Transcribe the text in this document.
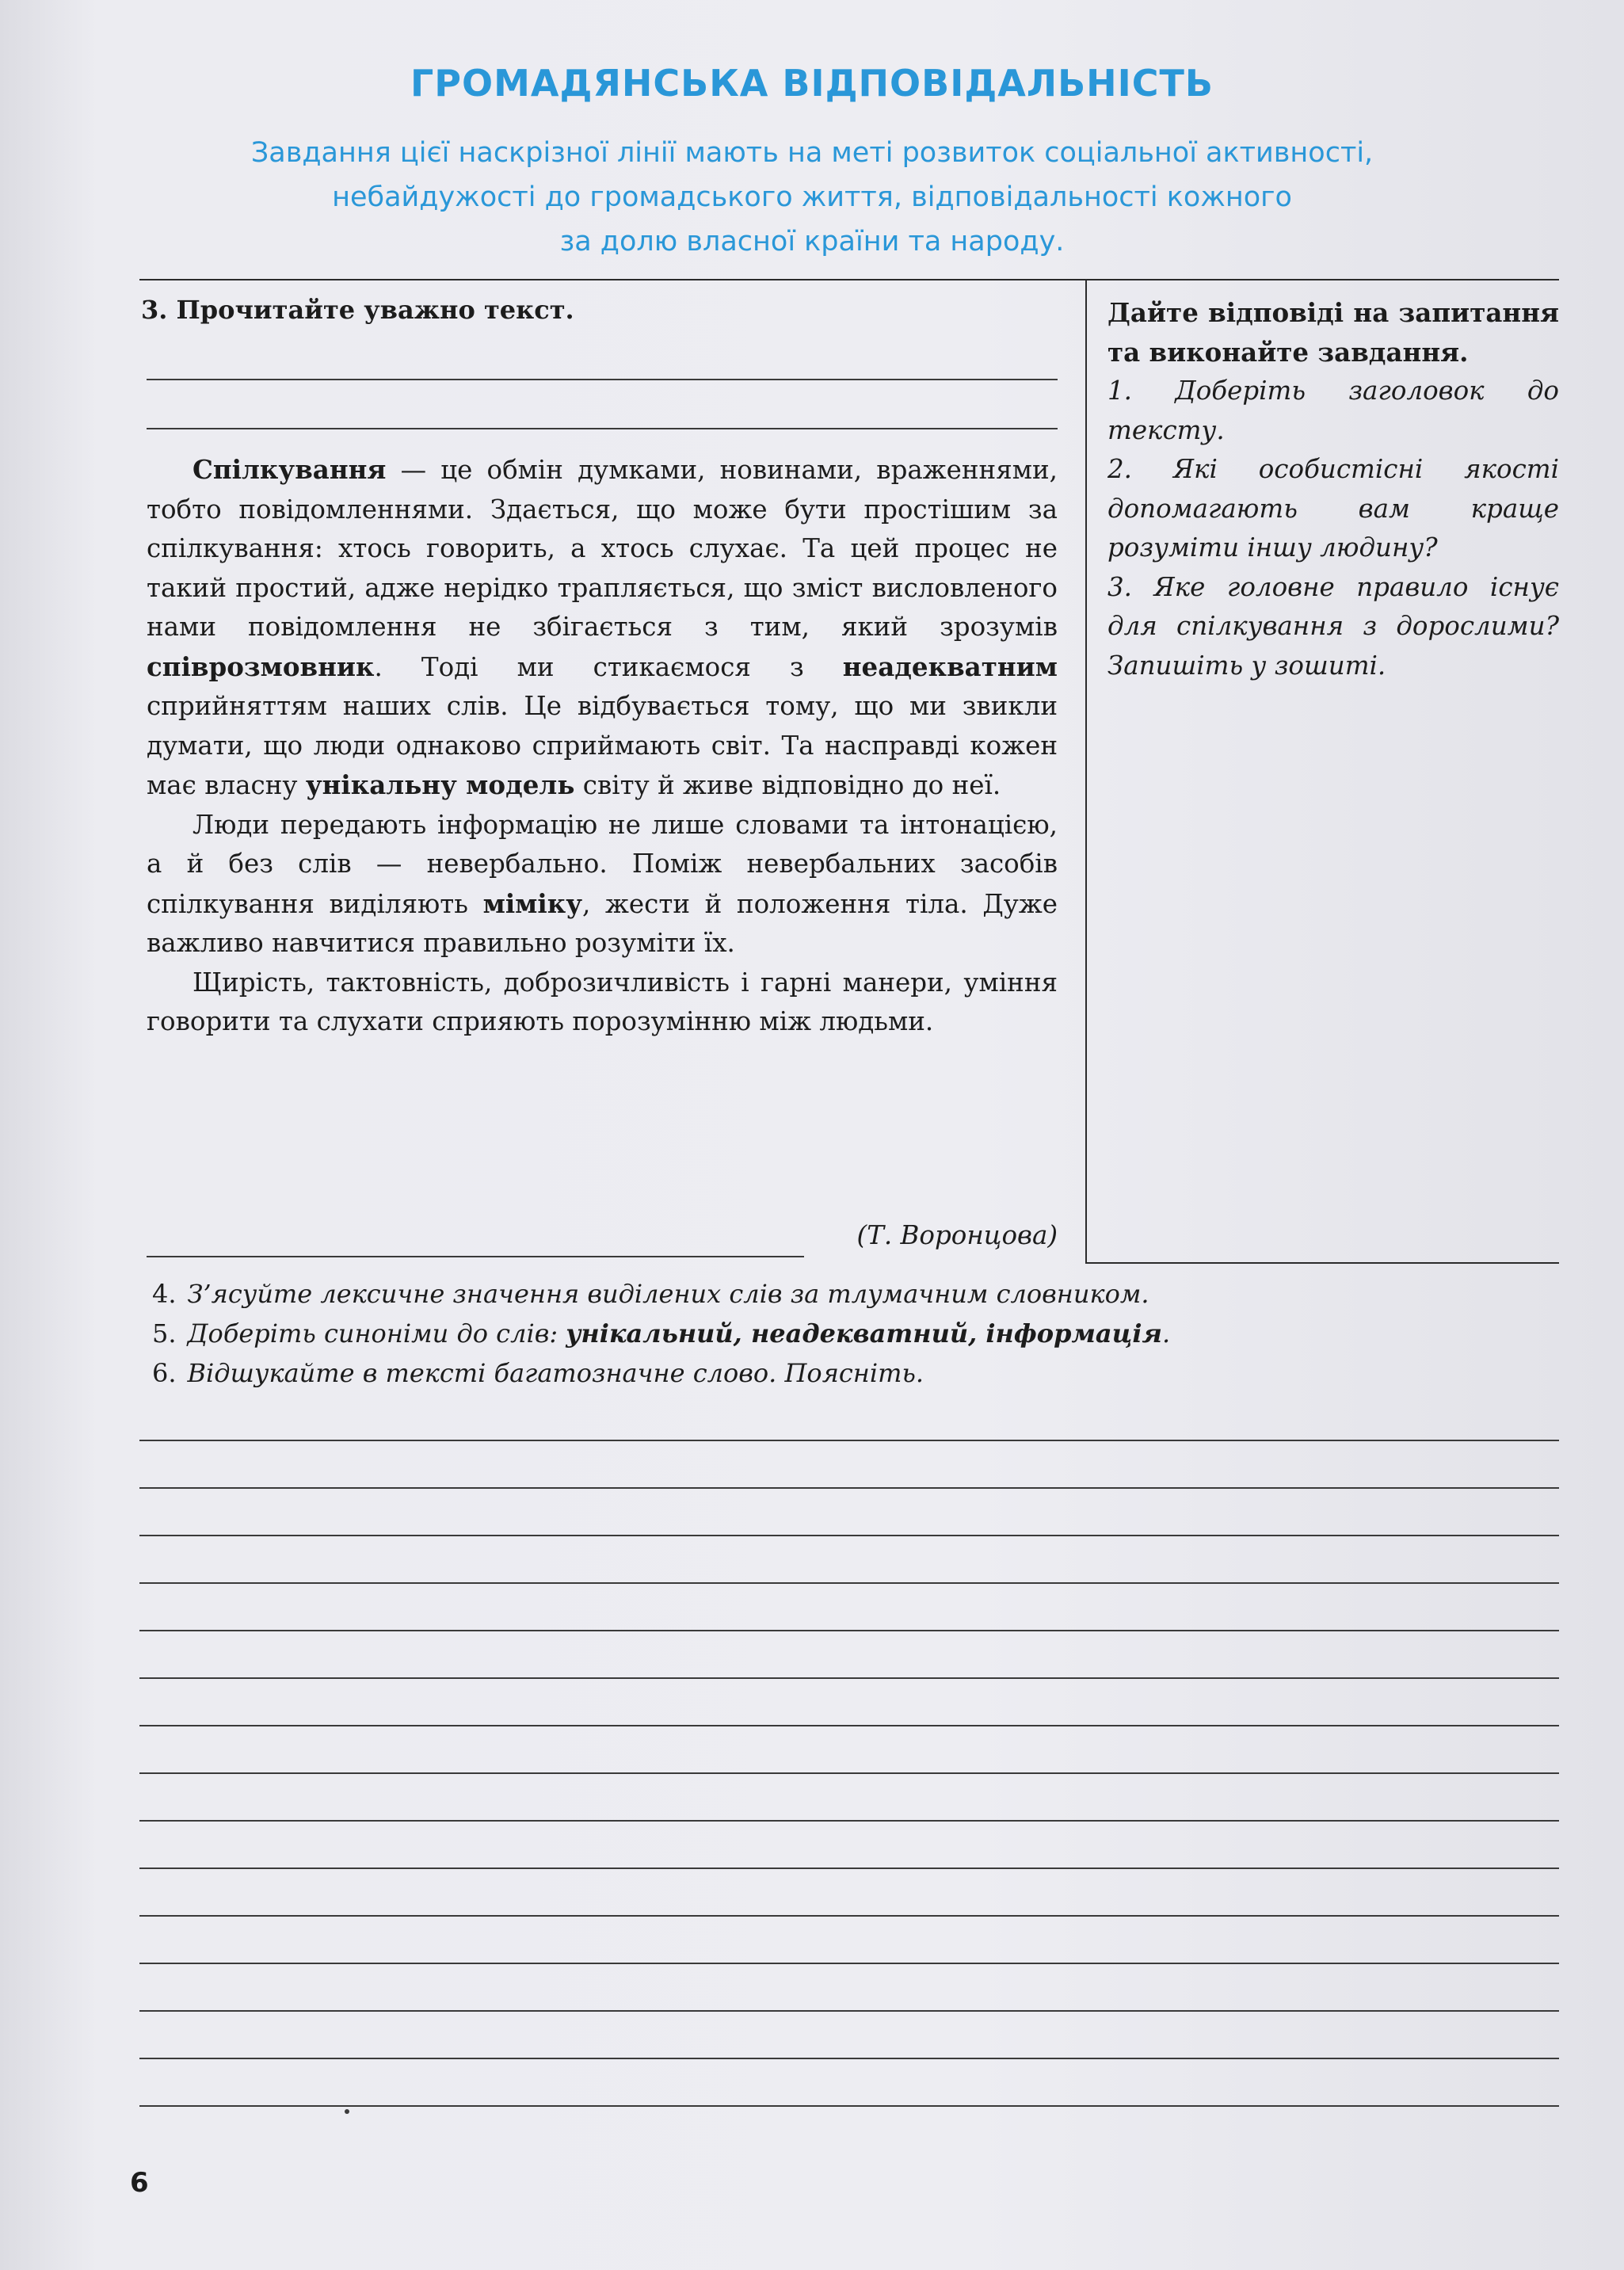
ГРОМАДЯНСЬКА ВІДПОВІДАЛЬНІСТЬ
Завдання цієї наскрізної лінії мають на меті розвиток соціальної активності,
небайдужості до громадського життя, відповідальності кожного
за долю власної країни та народу.
3. Прочитайте уважно текст.

Спілкування — це обмін думками, новинами, враженнями, тобто повідомленнями. Здається, що може бути простішим за спілкування: хтось говорить, а хтось слухає. Та цей процес не такий простий, адже нерідко трапляється, що зміст висловленого нами повідомлення не збігається з тим, який зрозумів співрозмовник. Тоді ми стикаємося з неадекватним сприйняттям наших слів. Це відбувається тому, що ми звикли думати, що люди однаково сприймають світ. Та насправді кожен має власну унікальну модель світу й живе відповідно до неї.

Люди передають інформацію не лише словами та інтонацією, а й без слів — невербально. Поміж невербальних засобів спілкування виділяють міміку, жести й положення тіла. Дуже важливо навчитися правильно розуміти їх.

Щирість, тактовність, доброзичливість і гарні манери, уміння говорити та слухати сприяють порозумінню між людьми.

(Т. Воронцова)
Дайте відповіді на запитання та виконайте завдання.
1. Доберіть заголовок до тексту.
2. Які особистісні якості допомагають вам краще розуміти іншу людину?
3. Яке головне правило існує для спілкування з дорослими? Запишіть у зошиті.
4. З’ясуйте лексичне значення виділених слів за тлумачним словником.
5. Доберіть синоніми до слів: унікальний, неадекватний, інформація.
6. Відшукайте в тексті багатозначне слово. Поясніть.
6
